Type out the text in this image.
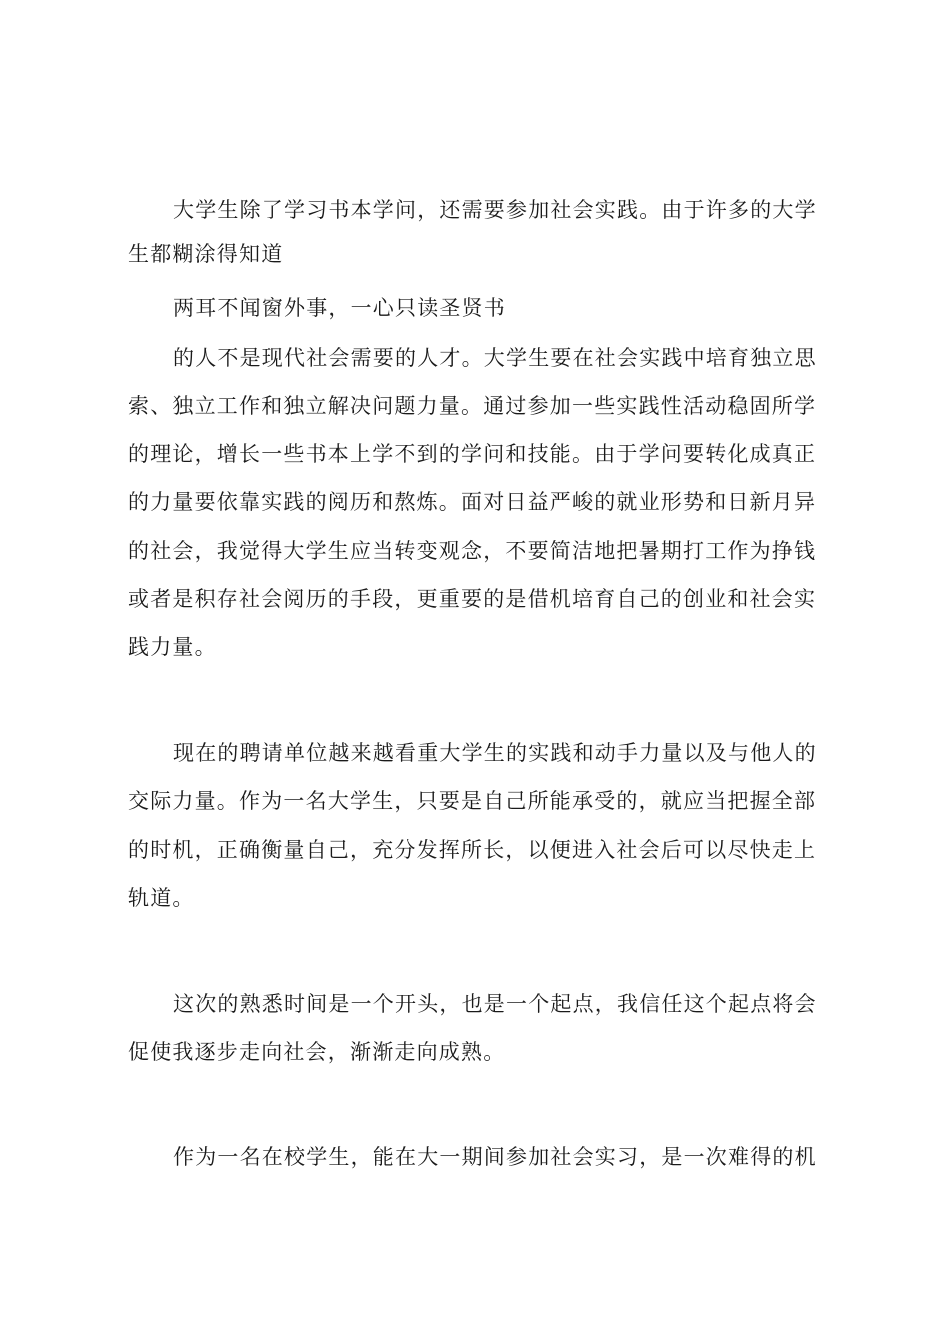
大学生除了学习书本学问，还需要参加社会实践。由于许多的大学
生都糊涂得知道
两耳不闻窗外事，一心只读圣贤书
的人不是现代社会需要的人才。大学生要在社会实践中培育独立思
索、独立工作和独立解决问题力量。通过参加一些实践性活动稳固所学
的理论，增长一些书本上学不到的学问和技能。由于学问要转化成真正
的力量要依靠实践的阅历和熬炼。面对日益严峻的就业形势和日新月异
的社会，我觉得大学生应当转变观念，不要简洁地把暑期打工作为挣钱
或者是积存社会阅历的手段，更重要的是借机培育自己的创业和社会实
践力量。
现在的聘请单位越来越看重大学生的实践和动手力量以及与他人的
交际力量。作为一名大学生，只要是自己所能承受的，就应当把握全部
的时机，正确衡量自己，充分发挥所长，以便进入社会后可以尽快走上
轨道。
这次的熟悉时间是一个开头，也是一个起点，我信任这个起点将会
促使我逐步走向社会，渐渐走向成熟。
作为一名在校学生，能在大一期间参加社会实习，是一次难得的机
